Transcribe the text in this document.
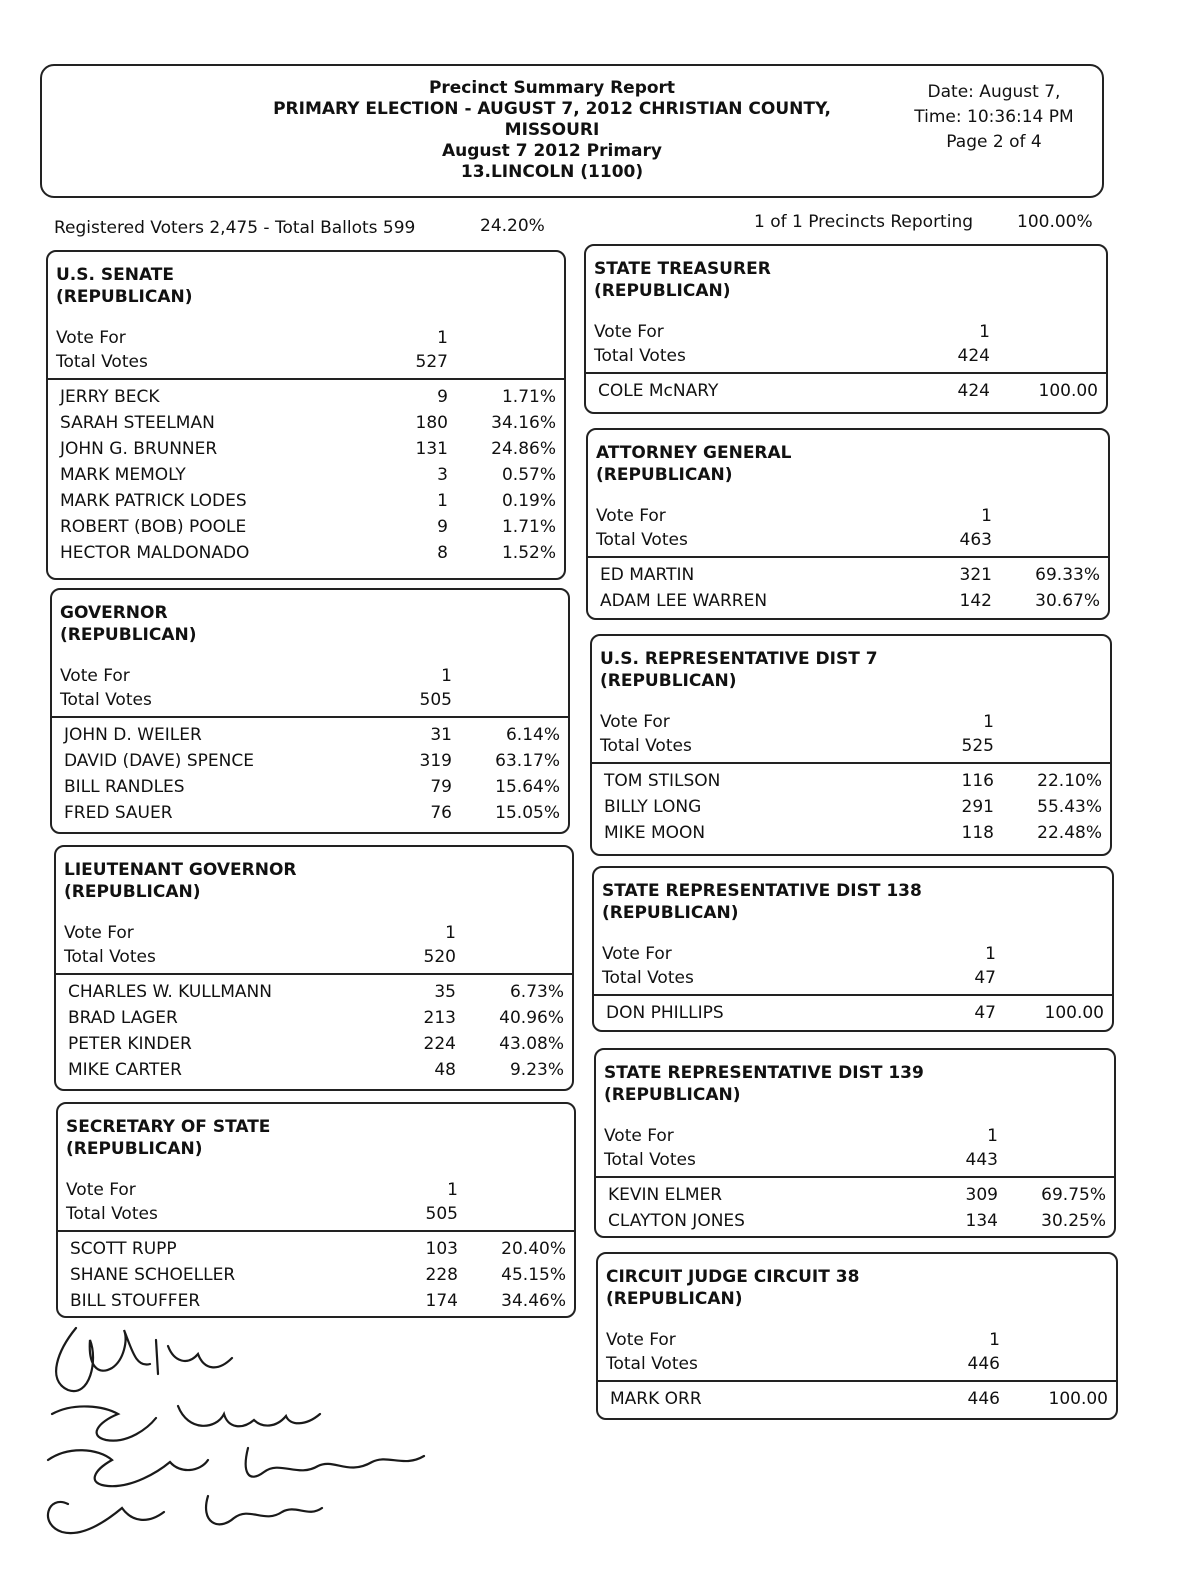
Precinct Summary Report
PRIMARY ELECTION - AUGUST 7, 2012 CHRISTIAN COUNTY,
MISSOURI
August 7 2012 Primary
13.LINCOLN (1100)
Date: August 7,
Time: 10:36:14 PM
Page 2 of 4
Registered Voters 2,475 - Total Ballots 599	24.20%	1 of 1 Precincts Reporting	100.00%
U.S. SENATE
(REPUBLICAN)
Vote For	1
Total Votes	527
JERRY BECK	9	1.71%
SARAH STEELMAN	180	34.16%
JOHN G. BRUNNER	131	24.86%
MARK MEMOLY	3	0.57%
MARK PATRICK LODES	1	0.19%
ROBERT (BOB) POOLE	9	1.71%
HECTOR MALDONADO	8	1.52%
GOVERNOR
(REPUBLICAN)
Vote For	1
Total Votes	505
JOHN D. WEILER	31	6.14%
DAVID (DAVE) SPENCE	319	63.17%
BILL RANDLES	79	15.64%
FRED SAUER	76	15.05%
LIEUTENANT GOVERNOR
(REPUBLICAN)
Vote For	1
Total Votes	520
CHARLES W. KULLMANN	35	6.73%
BRAD LAGER	213	40.96%
PETER KINDER	224	43.08%
MIKE CARTER	48	9.23%
SECRETARY OF STATE
(REPUBLICAN)
Vote For	1
Total Votes	505
SCOTT RUPP	103	20.40%
SHANE SCHOELLER	228	45.15%
BILL STOUFFER	174	34.46%
STATE TREASURER
(REPUBLICAN)
Vote For	1
Total Votes	424
COLE McNARY	424	100.00
ATTORNEY GENERAL
(REPUBLICAN)
Vote For	1
Total Votes	463
ED MARTIN	321	69.33%
ADAM LEE WARREN	142	30.67%
U.S. REPRESENTATIVE DIST 7
(REPUBLICAN)
Vote For	1
Total Votes	525
TOM STILSON	116	22.10%
BILLY LONG	291	55.43%
MIKE MOON	118	22.48%
STATE REPRESENTATIVE DIST 138
(REPUBLICAN)
Vote For	1
Total Votes	47
DON PHILLIPS	47	100.00
STATE REPRESENTATIVE DIST 139
(REPUBLICAN)
Vote For	1
Total Votes	443
KEVIN ELMER	309	69.75%
CLAYTON JONES	134	30.25%
CIRCUIT JUDGE CIRCUIT 38
(REPUBLICAN)
Vote For	1
Total Votes	446
MARK ORR	446	100.00
